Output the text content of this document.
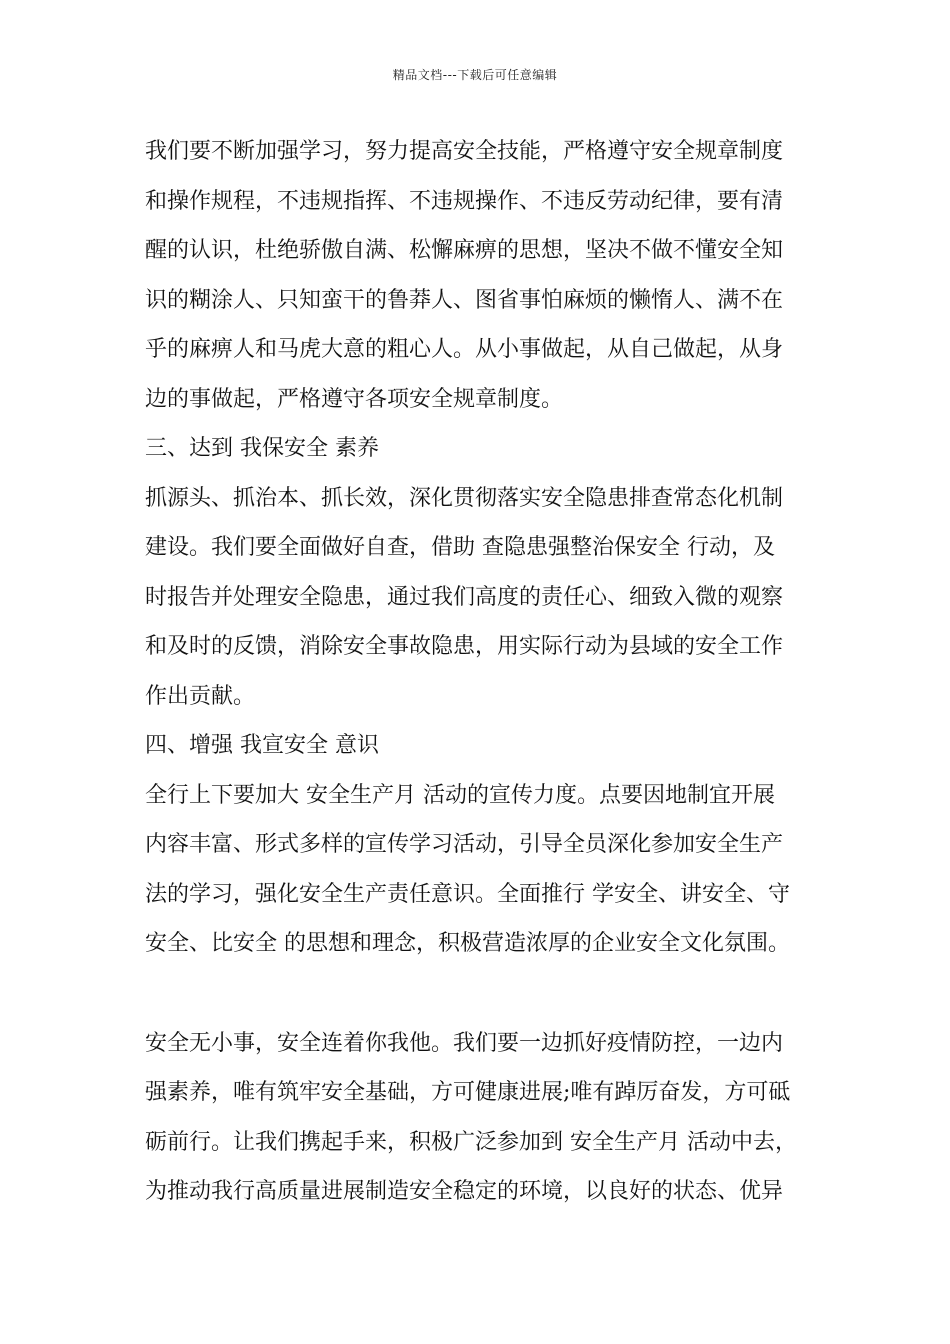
精品文档---下载后可任意编辑
我们要不断加强学习，努力提高安全技能，严格遵守安全规章制度
和操作规程，不违规指挥、不违规操作、不违反劳动纪律，要有清
醒的认识，杜绝骄傲自满、松懈麻痹的思想，坚决不做不懂安全知
识的糊涂人、只知蛮干的鲁莽人、图省事怕麻烦的懒惰人、满不在
乎的麻痹人和马虎大意的粗心人。从小事做起，从自己做起，从身
边的事做起，严格遵守各项安全规章制度。
三、达到 我保安全 素养
抓源头、抓治本、抓长效，深化贯彻落实安全隐患排查常态化机制
建设。我们要全面做好自查，借助 查隐患强整治保安全 行动，及
时报告并处理安全隐患，通过我们高度的责任心、细致入微的观察
和及时的反馈，消除安全事故隐患，用实际行动为县域的安全工作
作出贡献。
四、增强 我宣安全 意识
全行上下要加大 安全生产月 活动的宣传力度。点要因地制宜开展
内容丰富、形式多样的宣传学习活动，引导全员深化参加安全生产
法的学习，强化安全生产责任意识。全面推行 学安全、讲安全、守
安全、比安全 的思想和理念，积极营造浓厚的企业安全文化氛围。
安全无小事，安全连着你我他。我们要一边抓好疫情防控，一边内
强素养，唯有筑牢安全基础，方可健康进展;唯有踔厉奋发，方可砥
砺前行。让我们携起手来，积极广泛参加到 安全生产月 活动中去，
为推动我行高质量进展制造安全稳定的环境，以良好的状态、优异
